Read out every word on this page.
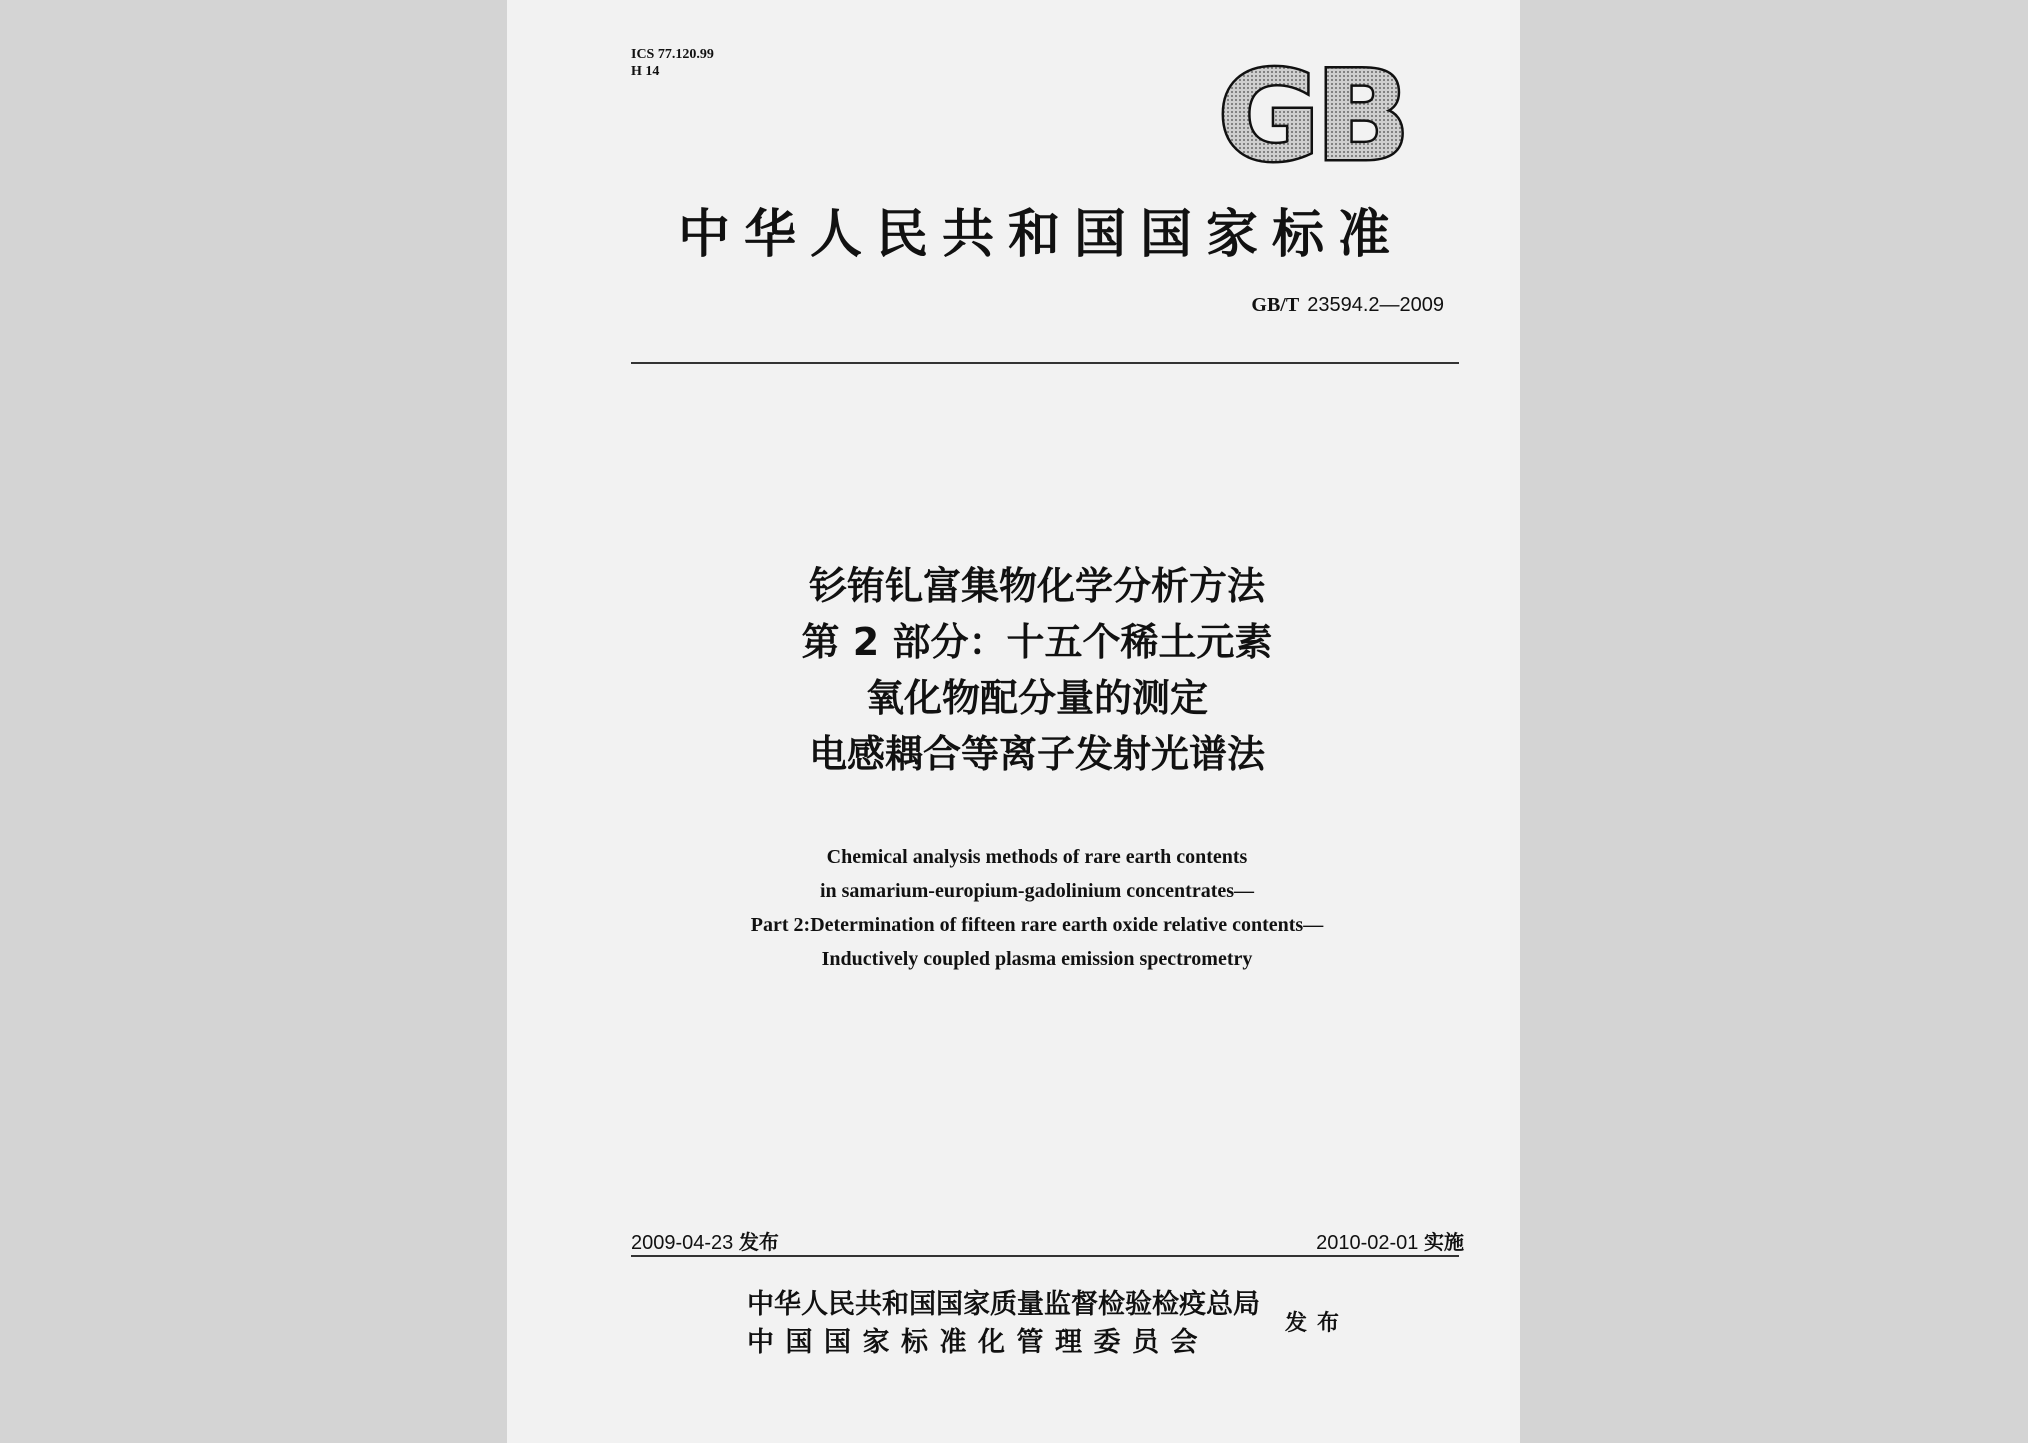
ICS 77.120.99
H 14	GB
中华人民共和国国家标准
GB/T 23594.2—2009
钐铕钆富集物化学分析方法
第 2 部分：十五个稀土元素
氧化物配分量的测定
电感耦合等离子发射光谱法
Chemical analysis methods of rare earth contents
in samarium-europium-gadolinium concentrates—
Part 2:Determination of fifteen rare earth oxide relative contents—
Inductively coupled plasma emission spectrometry
2009-04-23 发布	2010-02-01 实施
中华人民共和国国家质量监督检验检疫总局
中国国家标准化管理委员会
发布
